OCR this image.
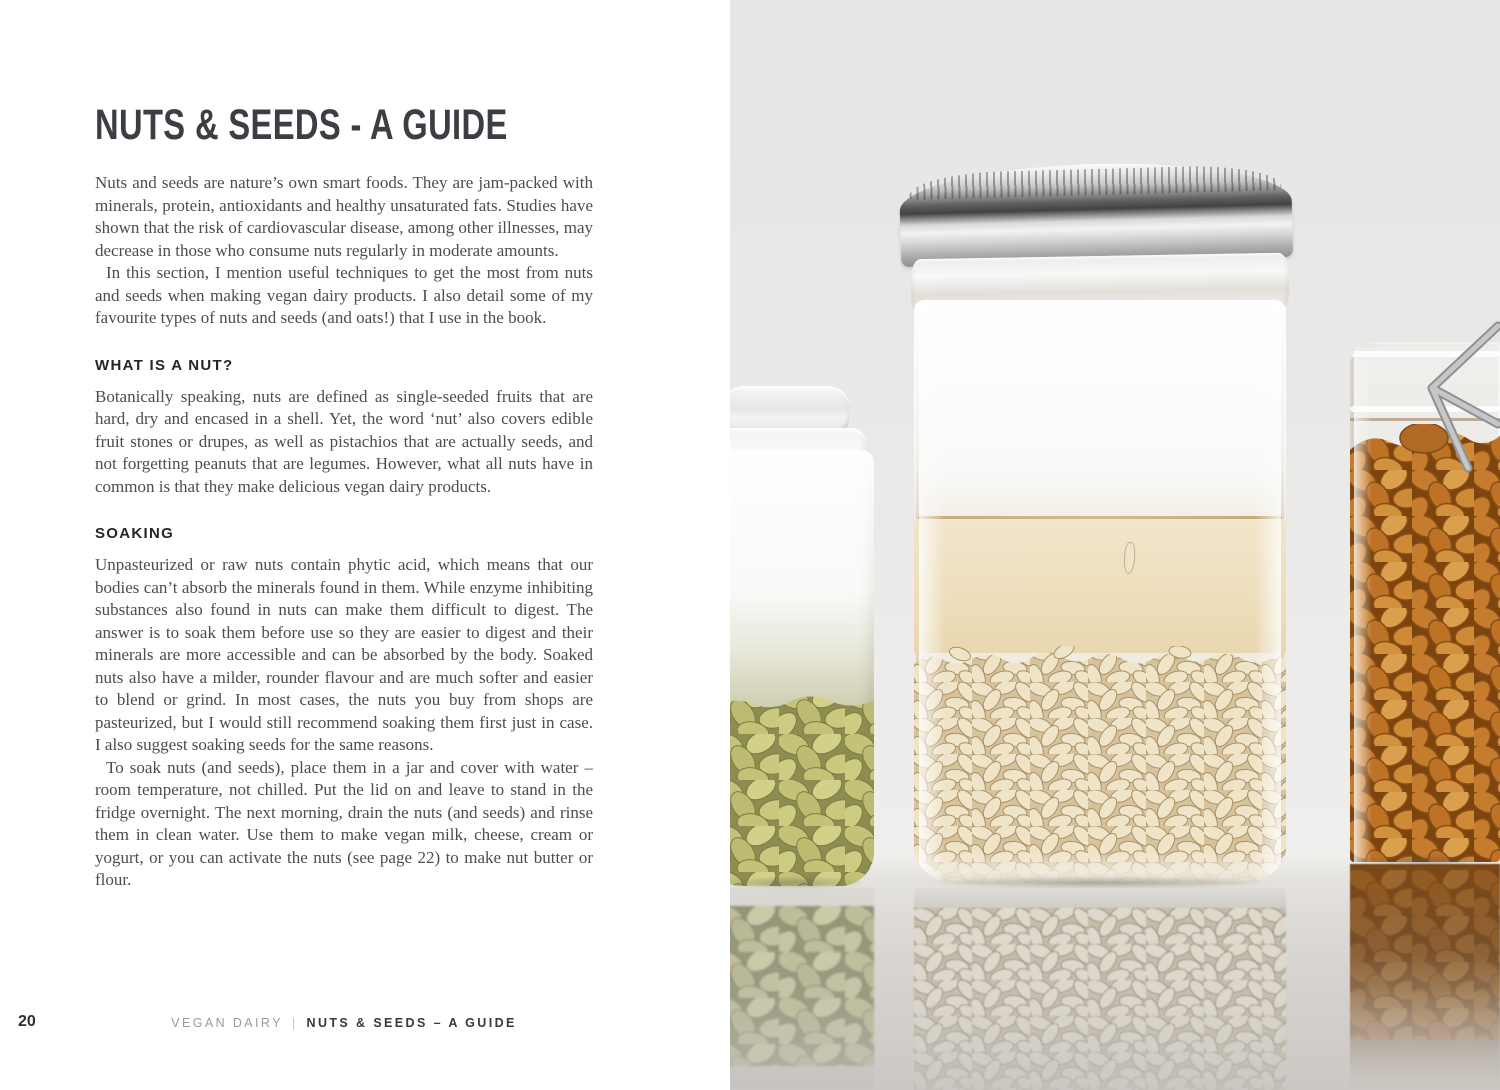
NUTS & SEEDS - A GUIDE

Nuts and seeds are nature’s own smart foods. They are jam-packed with minerals, protein, antioxidants and healthy unsaturated fats. Studies have shown that the risk of cardiovascular disease, among other illnesses, may decrease in those who consume nuts regularly in moderate amounts.

In this section, I mention useful techniques to get the most from nuts and seeds when making vegan dairy products. I also detail some of my favourite types of nuts and seeds (and oats!) that I use in the book.

WHAT IS A NUT?

Botanically speaking, nuts are defined as single-seeded fruits that are hard, dry and encased in a shell. Yet, the word ‘nut’ also covers edible fruit stones or drupes, as well as pistachios that are actually seeds, and not forgetting peanuts that are legumes. However, what all nuts have in common is that they make delicious vegan dairy products.

SOAKING

Unpasteurized or raw nuts contain phytic acid, which means that our bodies can’t absorb the minerals found in them. While enzyme inhibiting substances also found in nuts can make them difficult to digest. The answer is to soak them before use so they are easier to digest and their minerals are more accessible and can be absorbed by the body. Soaked nuts also have a milder, rounder flavour and are much softer and easier to blend or grind. In most cases, the nuts you buy from shops are pasteurized, but I would still recommend soaking them first just in case. I also suggest soaking seeds for the same reasons.

To soak nuts (and seeds), place them in a jar and cover with water – room temperature, not chilled. Put the lid on and leave to stand in the fridge overnight. The next morning, drain the nuts (and seeds) and rinse them in clean water. Use them to make vegan milk, cheese, cream or yogurt, or you can activate the nuts (see page 22) to make nut butter or flour.

20	VEGAN DAIRY | NUTS & SEEDS – A GUIDE
